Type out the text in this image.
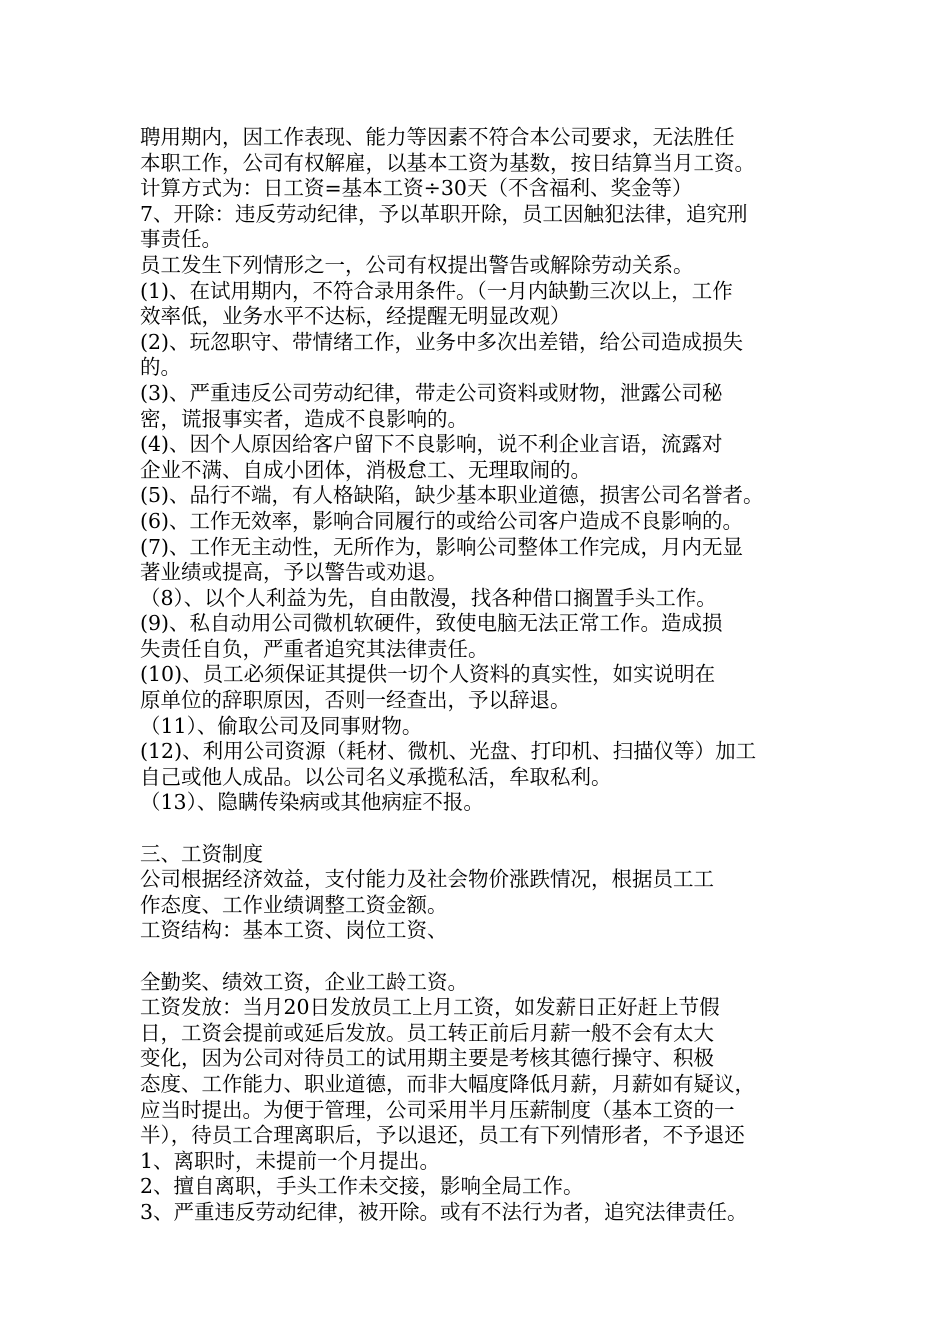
聘用期内，因工作表现、能力等因素不符合本公司要求，无法胜任
本职工作，公司有权解雇，以基本工资为基数，按日结算当月工资。
计算方式为：日工资=基本工资÷30天（不含福利、奖金等）
7、开除：违反劳动纪律，予以革职开除，员工因触犯法律，追究刑
事责任。
员工发生下列情形之一，公司有权提出警告或解除劳动关系。
(1)、在试用期内，不符合录用条件。（一月内缺勤三次以上，工作
效率低，业务水平不达标，经提醒无明显改观）
(2)、玩忽职守、带情绪工作，业务中多次出差错，给公司造成损失
的。
(3)、严重违反公司劳动纪律，带走公司资料或财物，泄露公司秘
密，谎报事实者，造成不良影响的。
(4)、因个人原因给客户留下不良影响，说不利企业言语，流露对
企业不满、自成小团体，消极怠工、无理取闹的。
(5)、品行不端，有人格缺陷，缺少基本职业道德，损害公司名誉者。
(6)、工作无效率，影响合同履行的或给公司客户造成不良影响的。
(7)、工作无主动性，无所作为，影响公司整体工作完成，月内无显
著业绩或提高，予以警告或劝退。
（8）、以个人利益为先，自由散漫，找各种借口搁置手头工作。
(9)、私自动用公司微机软硬件，致使电脑无法正常工作。造成损
失责任自负，严重者追究其法律责任。
(10)、员工必须保证其提供一切个人资料的真实性，如实说明在
原单位的辞职原因，否则一经查出，予以辞退。
（11）、偷取公司及同事财物。
(12)、利用公司资源（耗材、微机、光盘、打印机、扫描仪等）加工
自己或他人成品。以公司名义承揽私活，牟取私利。
（13）、隐瞒传染病或其他病症不报。
三、工资制度
公司根据经济效益，支付能力及社会物价涨跌情况，根据员工工
作态度、工作业绩调整工资金额。
工资结构：基本工资、岗位工资、
全勤奖、绩效工资，企业工龄工资。
工资发放：当月20日发放员工上月工资，如发薪日正好赶上节假
日，工资会提前或延后发放。员工转正前后月薪一般不会有太大
变化，因为公司对待员工的试用期主要是考核其德行操守、积极
态度、工作能力、职业道德，而非大幅度降低月薪，月薪如有疑议，
应当时提出。为便于管理，公司采用半月压薪制度（基本工资的一
半），待员工合理离职后，予以退还，员工有下列情形者，不予退还
1、离职时，未提前一个月提出。
2、擅自离职，手头工作未交接，影响全局工作。
3、严重违反劳动纪律，被开除。或有不法行为者，追究法律责任。
